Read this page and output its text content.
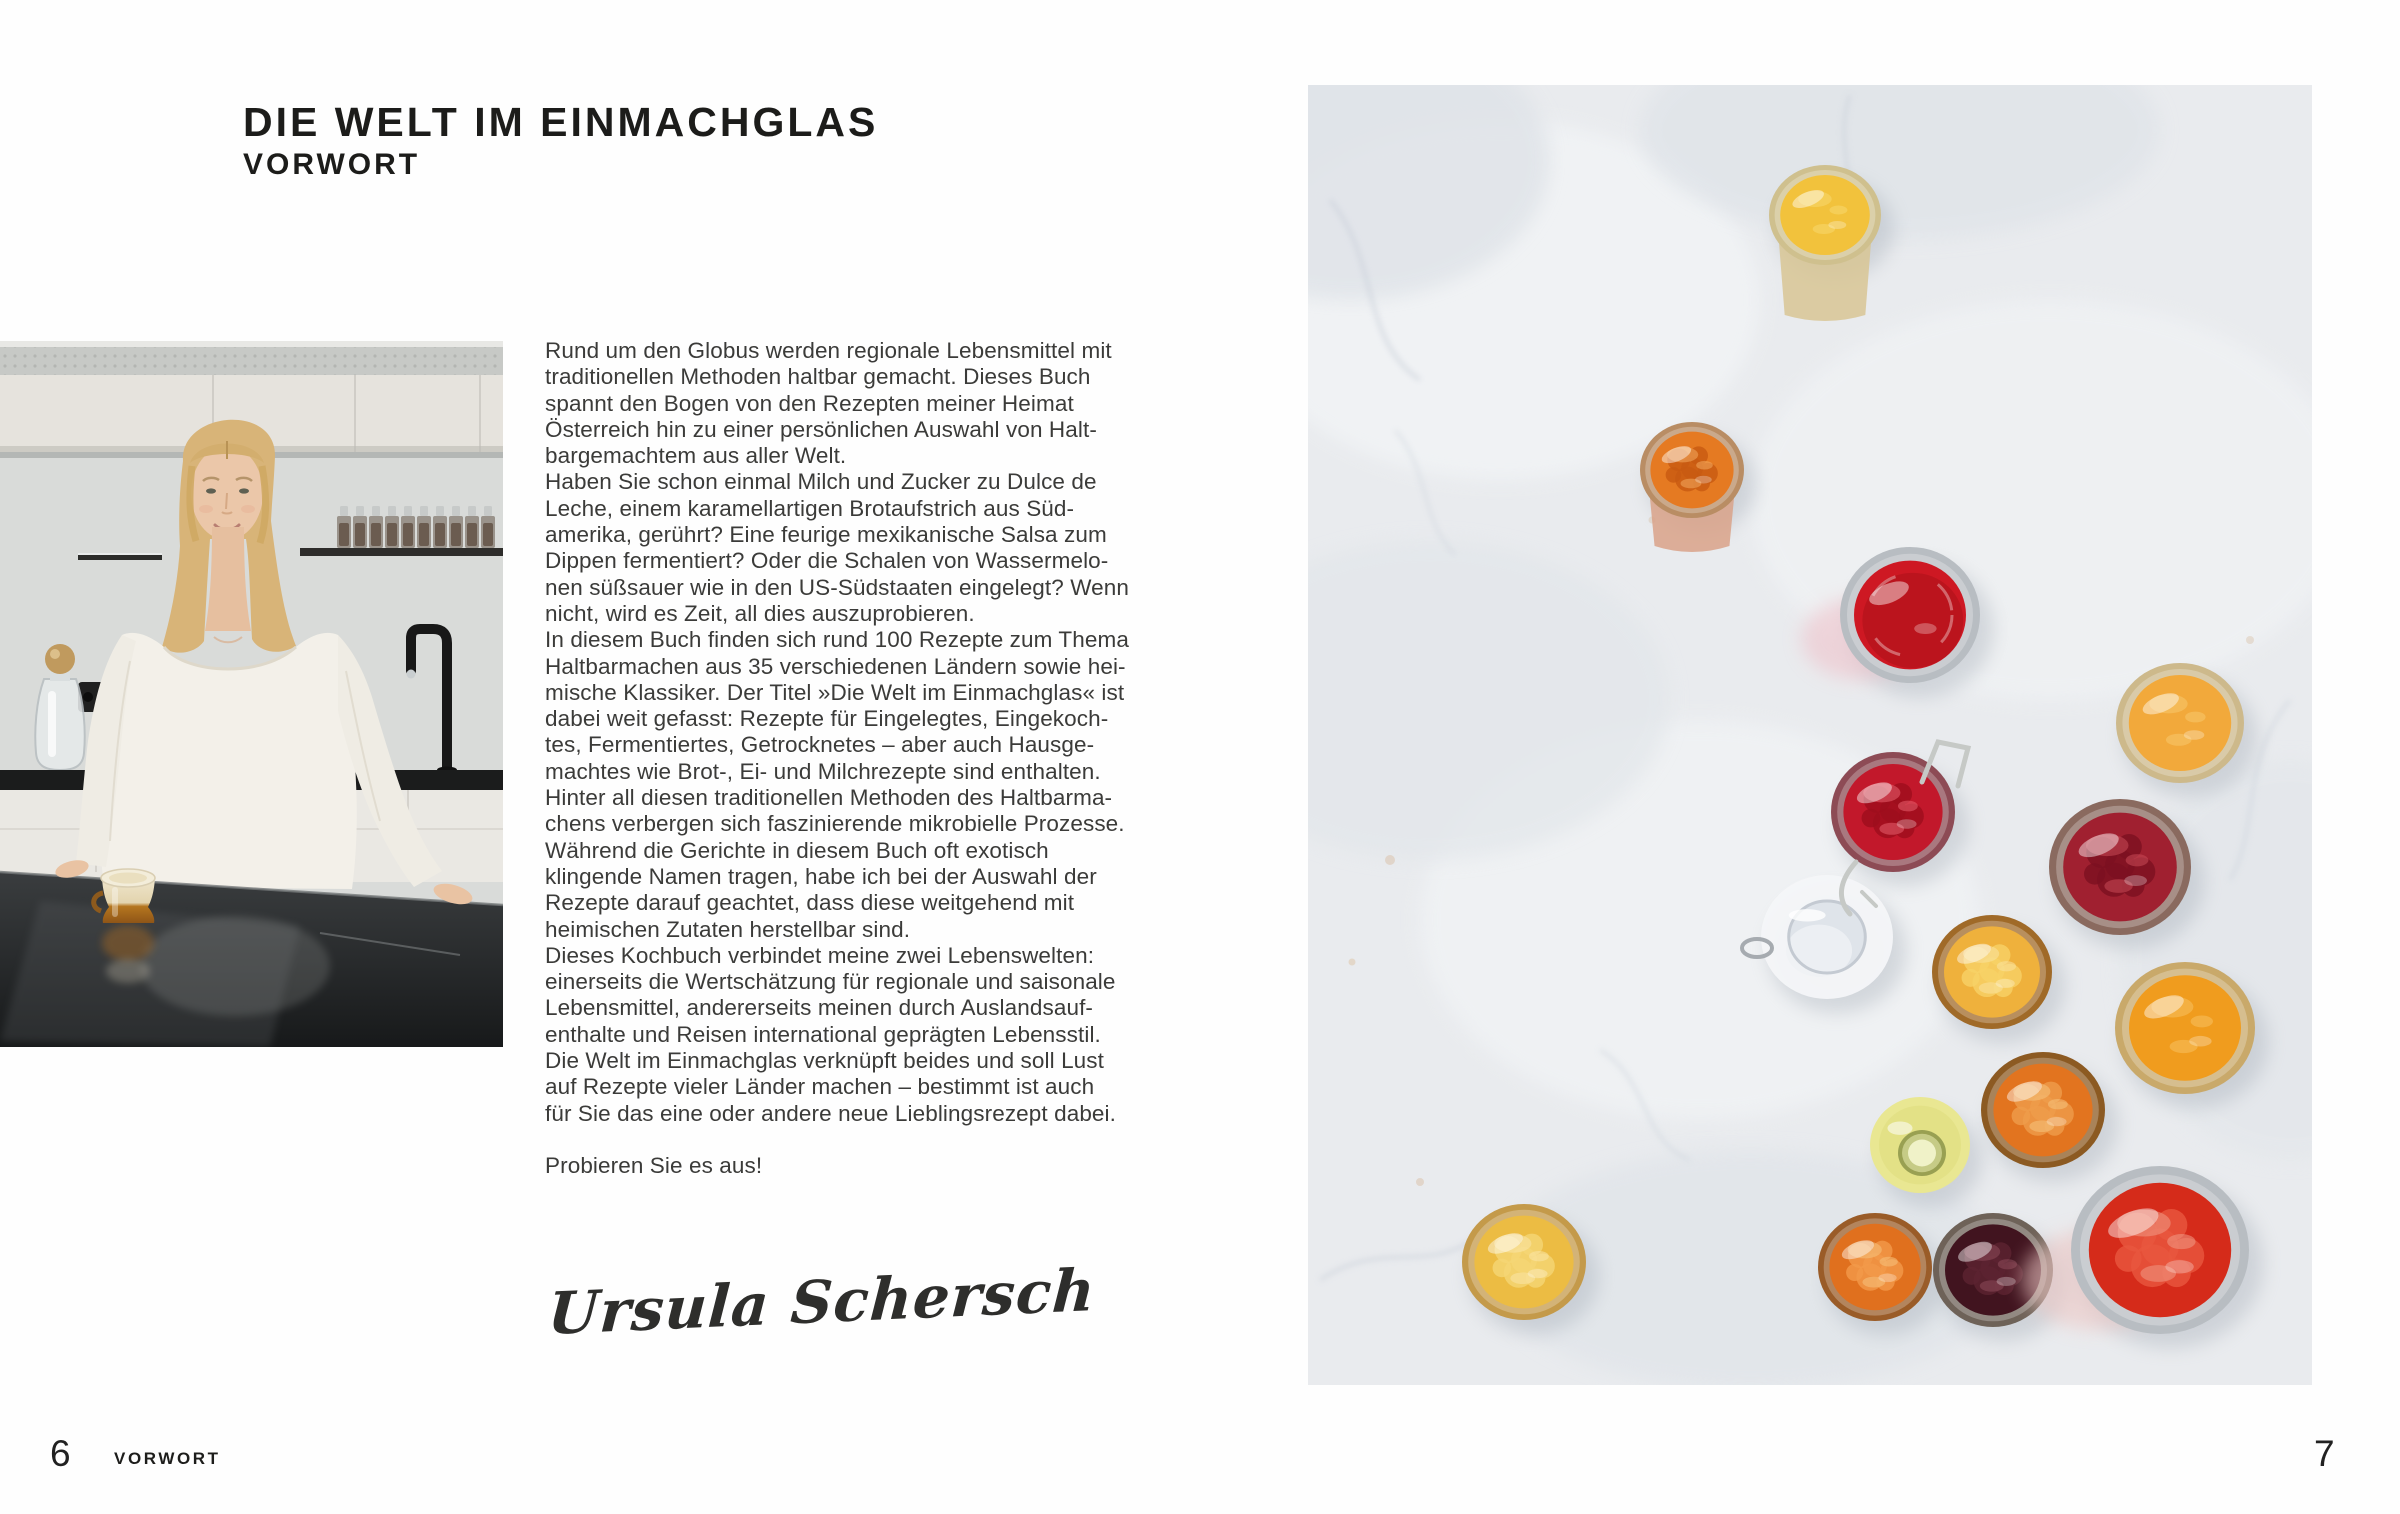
DIE WELT IM EINMACHGLAS
VORWORT
Rund um den Globus werden regionale Lebensmittel mit
traditionellen Methoden haltbar gemacht. Dieses Buch
spannt den Bogen von den Rezepten meiner Heimat
Österreich hin zu einer persönlichen Auswahl von Halt-
bargemachtem aus aller Welt.
Haben Sie schon einmal Milch und Zucker zu Dulce de
Leche, einem karamellartigen Brotaufstrich aus Süd-
amerika, gerührt? Eine feurige mexikanische Salsa zum
Dippen fermentiert? Oder die Schalen von Wassermelo-
nen süßsauer wie in den US-Südstaaten eingelegt? Wenn
nicht, wird es Zeit, all dies auszuprobieren.
In diesem Buch finden sich rund 100 Rezepte zum Thema
Haltbarmachen aus 35 verschiedenen Ländern sowie hei-
mische Klassiker. Der Titel »Die Welt im Einmachglas« ist
dabei weit gefasst: Rezepte für Eingelegtes, Eingekoch-
tes, Fermentiertes, Getrocknetes – aber auch Hausge-
machtes wie Brot-, Ei- und Milchrezepte sind enthalten.
Hinter all diesen traditionellen Methoden des Haltbarma-
chens verbergen sich faszinierende mikrobielle Prozesse.
Während die Gerichte in diesem Buch oft exotisch
klingende Namen tragen, habe ich bei der Auswahl der
Rezepte darauf geachtet, dass diese weitgehend mit
heimischen Zutaten herstellbar sind.
Dieses Kochbuch verbindet meine zwei Lebenswelten:
einerseits die Wertschätzung für regionale und saisonale
Lebensmittel, andererseits meinen durch Auslandsauf-
enthalte und Reisen international geprägten Lebensstil.
Die Welt im Einmachglas verknüpft beides und soll Lust
auf Rezepte vieler Länder machen – bestimmt ist auch
für Sie das eine oder andere neue Lieblingsrezept dabei.

Probieren Sie es aus!
Ursula Schersch
6	VORWORT	7
